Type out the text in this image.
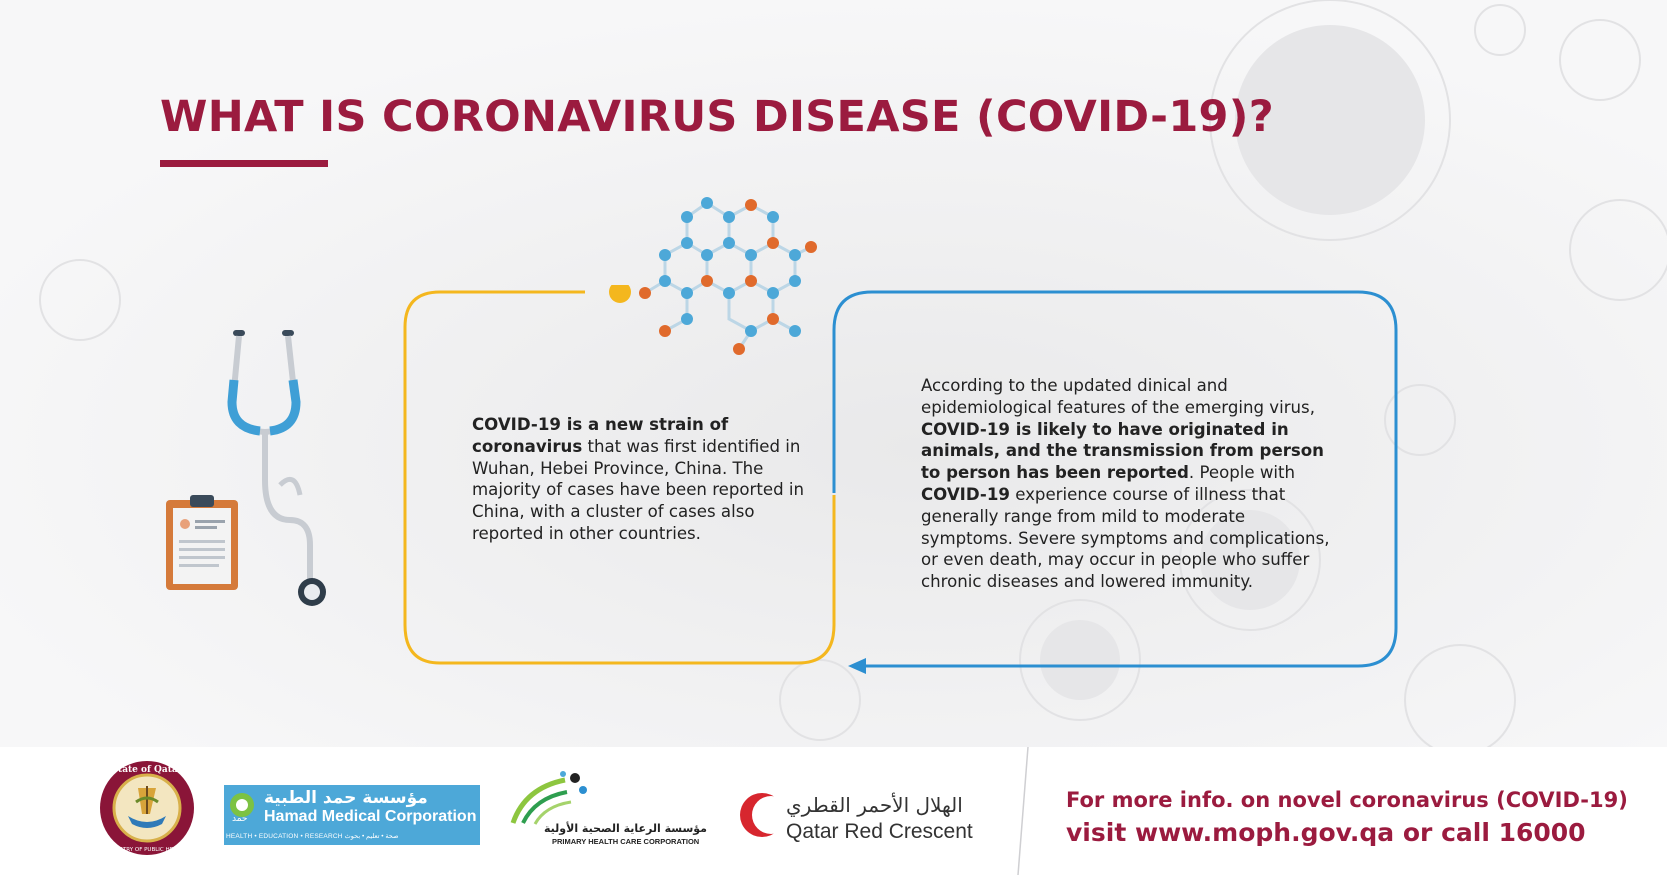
WHAT IS CORONAVIRUS DISEASE (COVID-19)?
COVID-19 is a new strain of coronavirus that was first identified in Wuhan, Hebei Province, China. The majority of cases have been reported in China, with a cluster of cases also reported in other countries.
According to the updated dinical and epidemiological features of the emerging virus, COVID-19 is likely to have originated in animals, and the transmission from person to person has been reported. People with COVID-19 experience course of illness that generally range from mild to moderate symptoms. Severe symptoms and complications, or even death, may occur in people who suffer chronic diseases and lowered immunity.
State of Qatar
MINISTRY OF PUBLIC HEALTH
حمد
مؤسسة حمد الطبية
Hamad Medical Corporation
HEALTH • EDUCATION • RESEARCH صحة • تعليم • بحوث
مؤسسة الرعاية الصحية الأولية
PRIMARY HEALTH CARE CORPORATION
الهلال الأحمر القطري
Qatar Red Crescent
For more info. on novel coronavirus (COVID-19)
visit www.moph.gov.qa or call 16000
